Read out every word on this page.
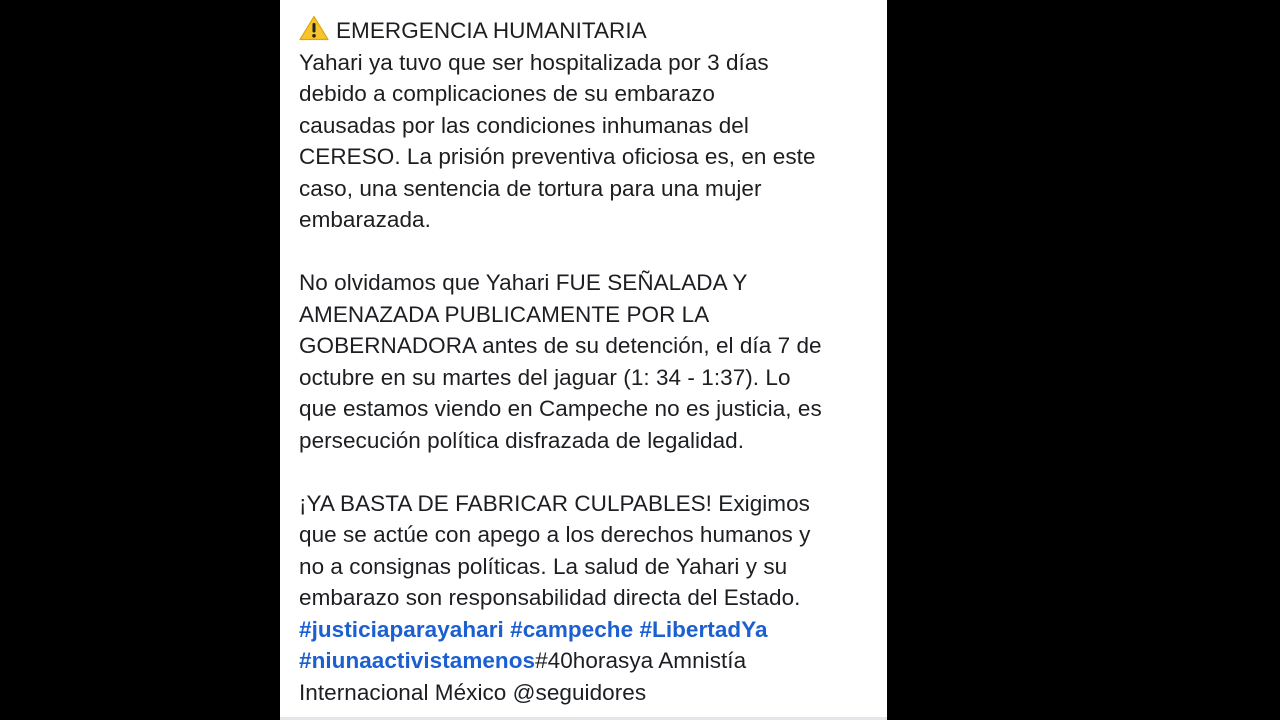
EMERGENCIA HUMANITARIA
Yahari ya tuvo que ser hospitalizada por 3 días
debido a complicaciones de su embarazo
causadas por las condiciones inhumanas del
CERESO. La prisión preventiva oficiosa es, en este
caso, una sentencia de tortura para una mujer
embarazada.
No olvidamos que Yahari FUE SEÑALADA Y
AMENAZADA PUBLICAMENTE POR LA
GOBERNADORA antes de su detención, el día 7 de
octubre en su martes del jaguar (1: 34 - 1:37). Lo
que estamos viendo en Campeche no es justicia, es
persecución política disfrazada de legalidad.
¡YA BASTA DE FABRICAR CULPABLES! Exigimos
que se actúe con apego a los derechos humanos y
no a consignas políticas. La salud de Yahari y su
embarazo son responsabilidad directa del Estado.
#justiciaparayahari #campeche #LibertadYa
#niunaactivistamenos#40horasya Amnistía
Internacional México @seguidores
